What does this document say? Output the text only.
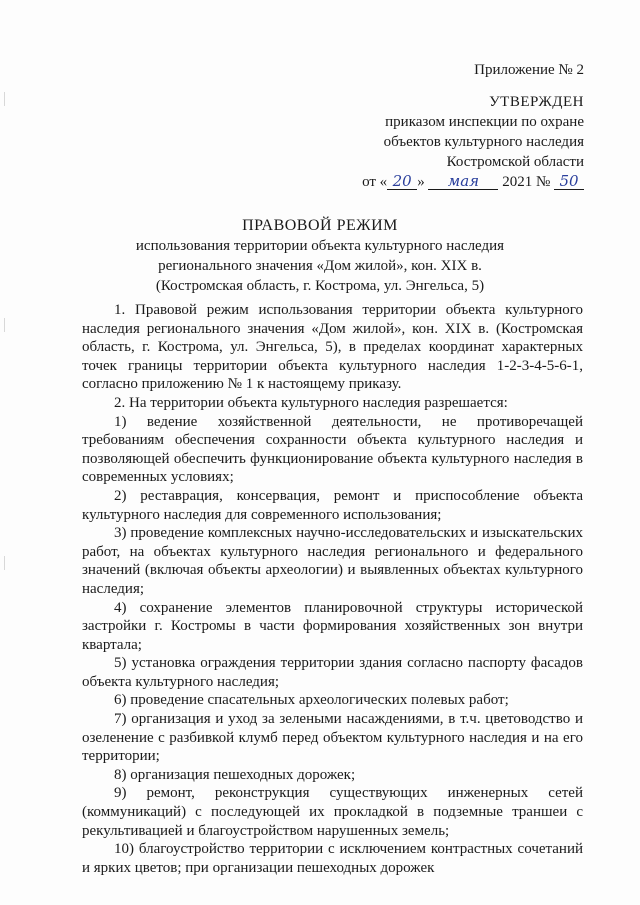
Приложение № 2
УТВЕРЖДЕН
приказом инспекции по охране
объектов культурного наследия
Костромской области
от « 20 » мая 2021 № 50
ПРАВОВОЙ РЕЖИМ
использования территории объекта культурного наследия
регионального значения «Дом жилой», кон. XIX в.
(Костромская область, г. Кострома, ул. Энгельса, 5)

1. Правовой режим использования территории объекта культурного наследия регионального значения «Дом жилой», кон. XIX в. (Костромская область, г. Кострома, ул. Энгельса, 5), в пределах координат характерных точек границы территории объекта культурного наследия 1-2-3-4-5-6-1, согласно приложению № 1 к настоящему приказу.

2. На территории объекта культурного наследия разрешается:

1) ведение хозяйственной деятельности, не противоречащей требованиям обеспечения сохранности объекта культурного наследия и позволяющей обеспечить функционирование объекта культурного наследия в современных условиях;

2) реставрация, консервация, ремонт и приспособление объекта культурного наследия для современного использования;

3) проведение комплексных научно-исследовательских и изыскательских работ, на объектах культурного наследия регионального и федерального значений (включая объекты археологии) и выявленных объектах культурного наследия;

4) сохранение элементов планировочной структуры исторической застройки г. Костромы в части формирования хозяйственных зон внутри квартала;

5) установка ограждения территории здания согласно паспорту фасадов объекта культурного наследия;

6) проведение спасательных археологических полевых работ;

7) организация и уход за зелеными насаждениями, в т.ч. цветоводство и озеленение с разбивкой клумб перед объектом культурного наследия и на его территории;

8) организация пешеходных дорожек;

9) ремонт, реконструкция существующих инженерных сетей (коммуникаций) с последующей их прокладкой в подземные траншеи с рекультивацией и благоустройством нарушенных земель;

10) благоустройство территории с исключением контрастных сочетаний и ярких цветов; при организации пешеходных дорожек
